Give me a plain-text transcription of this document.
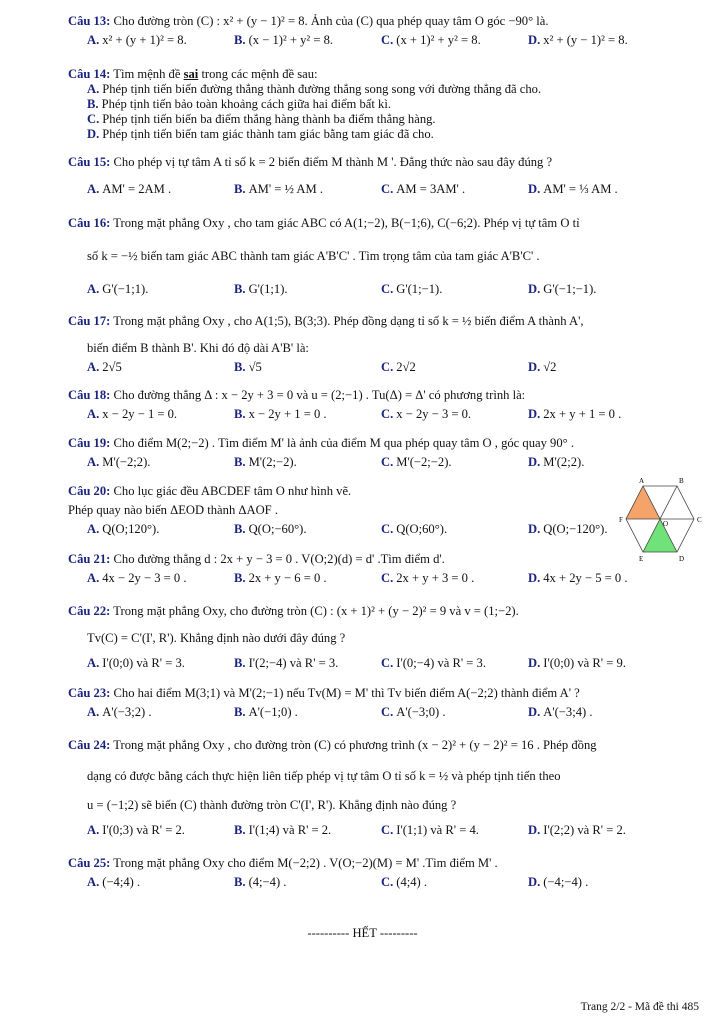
Câu 13: Cho đường tròn (C) : x² + (y − 1)² = 8. Ảnh của (C) qua phép quay tâm O góc −90° là.
A. x² + (y + 1)² = 8.	B. (x − 1)² + y² = 8.	C. (x + 1)² + y² = 8.	D. x² + (y − 1)² = 8.
Câu 14: Tìm mệnh đề sai trong các mệnh đề sau:
A. Phép tịnh tiến biến đường thẳng thành đường thẳng song song với đường thẳng đã cho.
B. Phép tịnh tiến bảo toàn khoảng cách giữa hai điểm bất kì.
C. Phép tịnh tiến biến ba điểm thẳng hàng thành ba điểm thẳng hàng.
D. Phép tịnh tiến biến tam giác thành tam giác bằng tam giác đã cho.
Câu 15: Cho phép vị tự tâm A tỉ số k = 2 biến điểm M thành M '. Đẳng thức nào sau đây đúng ?
A. AM' = 2AM .	B. AM' = ½ AM .	C. AM = 3AM' .	D. AM' = ⅓ AM .
Câu 16: Trong mặt phẳng Oxy , cho tam giác ABC có A(1;−2), B(−1;6), C(−6;2). Phép vị tự tâm O tỉ
số k = −½ biến tam giác ABC thành tam giác A'B'C' . Tìm trọng tâm của tam giác A'B'C' .
A. G'(−1;1).	B. G'(1;1).	C. G'(1;−1).	D. G'(−1;−1).
Câu 17: Trong mặt phẳng Oxy , cho A(1;5), B(3;3). Phép đồng dạng tỉ số k = ½ biến điểm A thành A',
biến điểm B thành B'. Khi đó độ dài A'B' là:
A. 2√5	B. √5	C. 2√2	D. √2
Câu 18: Cho đường thẳng Δ : x − 2y + 3 = 0 và u = (2;−1) . Tu(Δ) = Δ' có phương trình là:
A. x − 2y − 1 = 0.	B. x − 2y + 1 = 0 .	C. x − 2y − 3 = 0.	D. 2x + y + 1 = 0 .
Câu 19: Cho điểm M(2;−2) . Tìm điểm M' là ảnh của điểm M qua phép quay tâm O , góc quay 90° .
A. M'(−2;2).	B. M'(2;−2).	C. M'(−2;−2).	D. M'(2;2).
Câu 20: Cho lục giác đều ABCDEF tâm O như hình vẽ.
Phép quay nào biến ΔEOD thành ΔAOF .
A. Q(O;120°).	B. Q(O;−60°).	C. Q(O;60°).	D. Q(O;−120°).
A	B
C
D
E
F	O
Câu 21: Cho đường thẳng d : 2x + y − 3 = 0 . V(O;2)(d) = d' .Tìm điểm d'.
A. 4x − 2y − 3 = 0 .	B. 2x + y − 6 = 0 .	C. 2x + y + 3 = 0 .	D. 4x + 2y − 5 = 0 .
Câu 22: Trong mặt phẳng Oxy, cho đường tròn (C) : (x + 1)² + (y − 2)² = 9 và v = (1;−2).
Tv(C) = C'(I', R'). Khẳng định nào dưới đây đúng ?
A. I'(0;0) và R' = 3.	B. I'(2;−4) và R' = 3.	C. I'(0;−4) và R' = 3.	D. I'(0;0) và R' = 9.
Câu 23: Cho hai điểm M(3;1) và M'(2;−1) nếu Tv(M) = M' thì Tv biến điểm A(−2;2) thành điểm A' ?
A. A'(−3;2) .	B. A'(−1;0) .	C. A'(−3;0) .	D. A'(−3;4) .
Câu 24: Trong mặt phẳng Oxy , cho đường tròn (C) có phương trình (x − 2)² + (y − 2)² = 16 . Phép đồng
dạng có được bằng cách thực hiện liên tiếp phép vị tự tâm O tỉ số k = ½ và phép tịnh tiến theo
u = (−1;2) sẽ biến (C) thành đường tròn C'(I', R'). Khẳng định nào đúng ?
A. I'(0;3) và R' = 2.	B. I'(1;4) và R' = 2.	C. I'(1;1) và R' = 4.	D. I'(2;2) và R' = 2.
Câu 25: Trong mặt phẳng Oxy cho điểm M(−2;2) . V(O;−2)(M) = M' .Tìm điểm M' .
A. (−4;4) .	B. (4;−4) .	C. (4;4) .	D. (−4;−4) .
---------- HẾT ---------
Trang 2/2 - Mã đề thi 485
